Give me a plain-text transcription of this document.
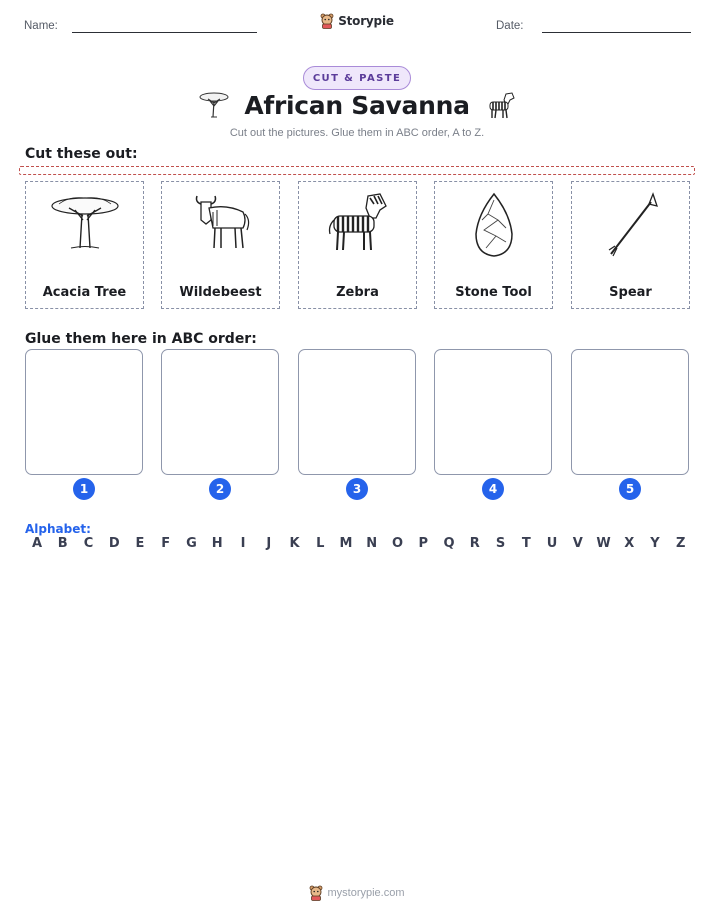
Name:	Storypie	Date:
CUT & PASTE
African Savanna
Cut out the pictures. Glue them in ABC order, A to Z.
Cut these out:
Acacia Tree	Wildebeest	Zebra	Stone Tool	Spear
Glue them here in ABC order:
1	2	3	4	5
Alphabet:
A	B	C	D	E	F	G H	I	J	K	L	M N O	P	Q	R	S	T	U	V	W	X	Y	Z
mystorypie.com
